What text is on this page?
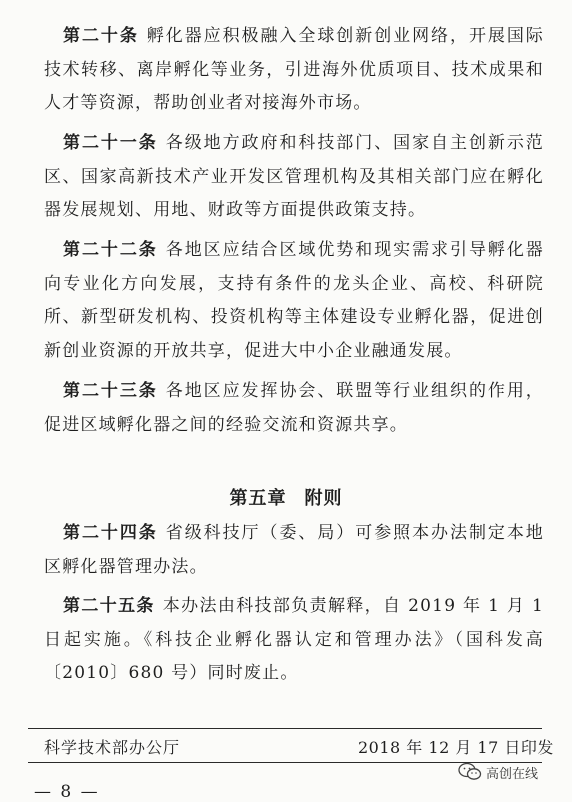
第二十条 孵化器应积极融入全球创新创业网络，开展国际技术转移、离岸孵化等业务，引进海外优质项目、技术成果和人才等资源，帮助创业者对接海外市场。

第二十一条 各级地方政府和科技部门、国家自主创新示范区、国家高新技术产业开发区管理机构及其相关部门应在孵化器发展规划、用地、财政等方面提供政策支持。

第二十二条 各地区应结合区域优势和现实需求引导孵化器向专业化方向发展，支持有条件的龙头企业、高校、科研院所、新型研发机构、投资机构等主体建设专业孵化器，促进创新创业资源的开放共享，促进大中小企业融通发展。

第二十三条 各地区应发挥协会、联盟等行业组织的作用，促进区域孵化器之间的经验交流和资源共享。

第五章 附则

第二十四条 省级科技厅（委、局）可参照本办法制定本地区孵化器管理办法。

第二十五条 本办法由科技部负责解释，自 2019 年 1 月 1 日起实施。《科技企业孵化器认定和管理办法》（国科发高〔2010〕680 号）同时废止。

科学技术部办公厅	2018 年 12 月 17 日印发
— 8 —
高创在线
